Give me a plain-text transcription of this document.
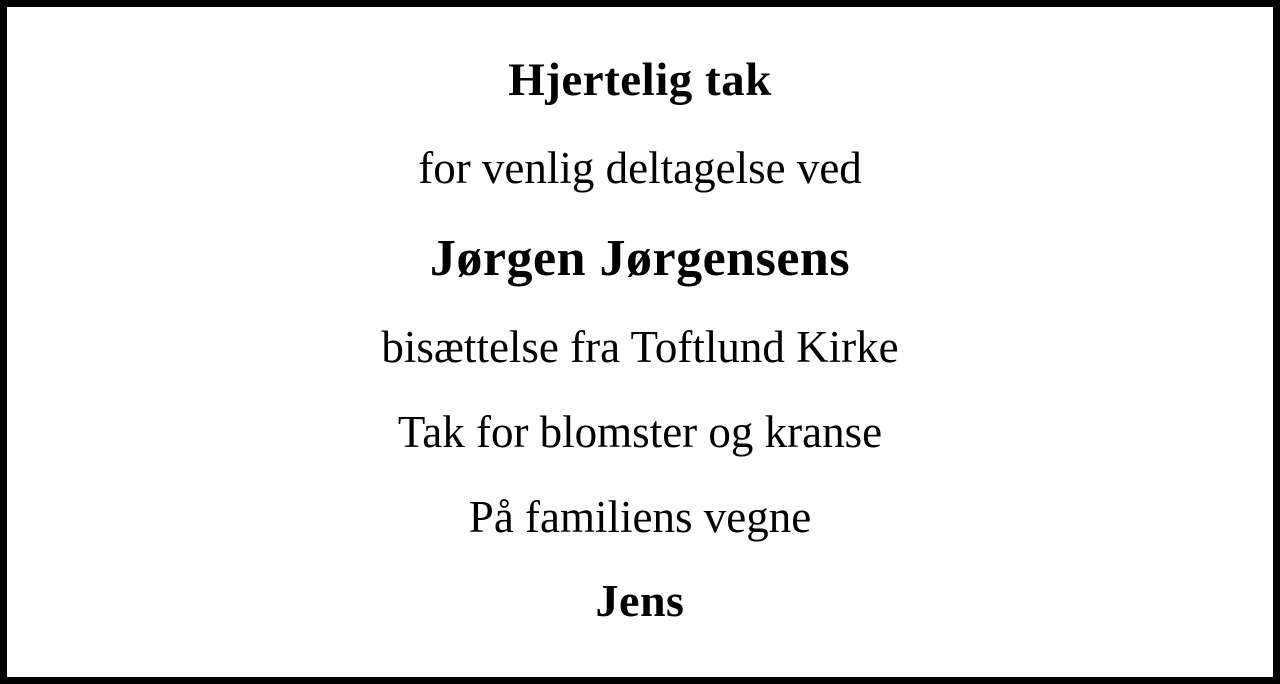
Hjertelig tak
for venlig deltagelse ved
Jørgen Jørgensens
bisættelse fra Toftlund Kirke
Tak for blomster og kranse
På familiens vegne
Jens
